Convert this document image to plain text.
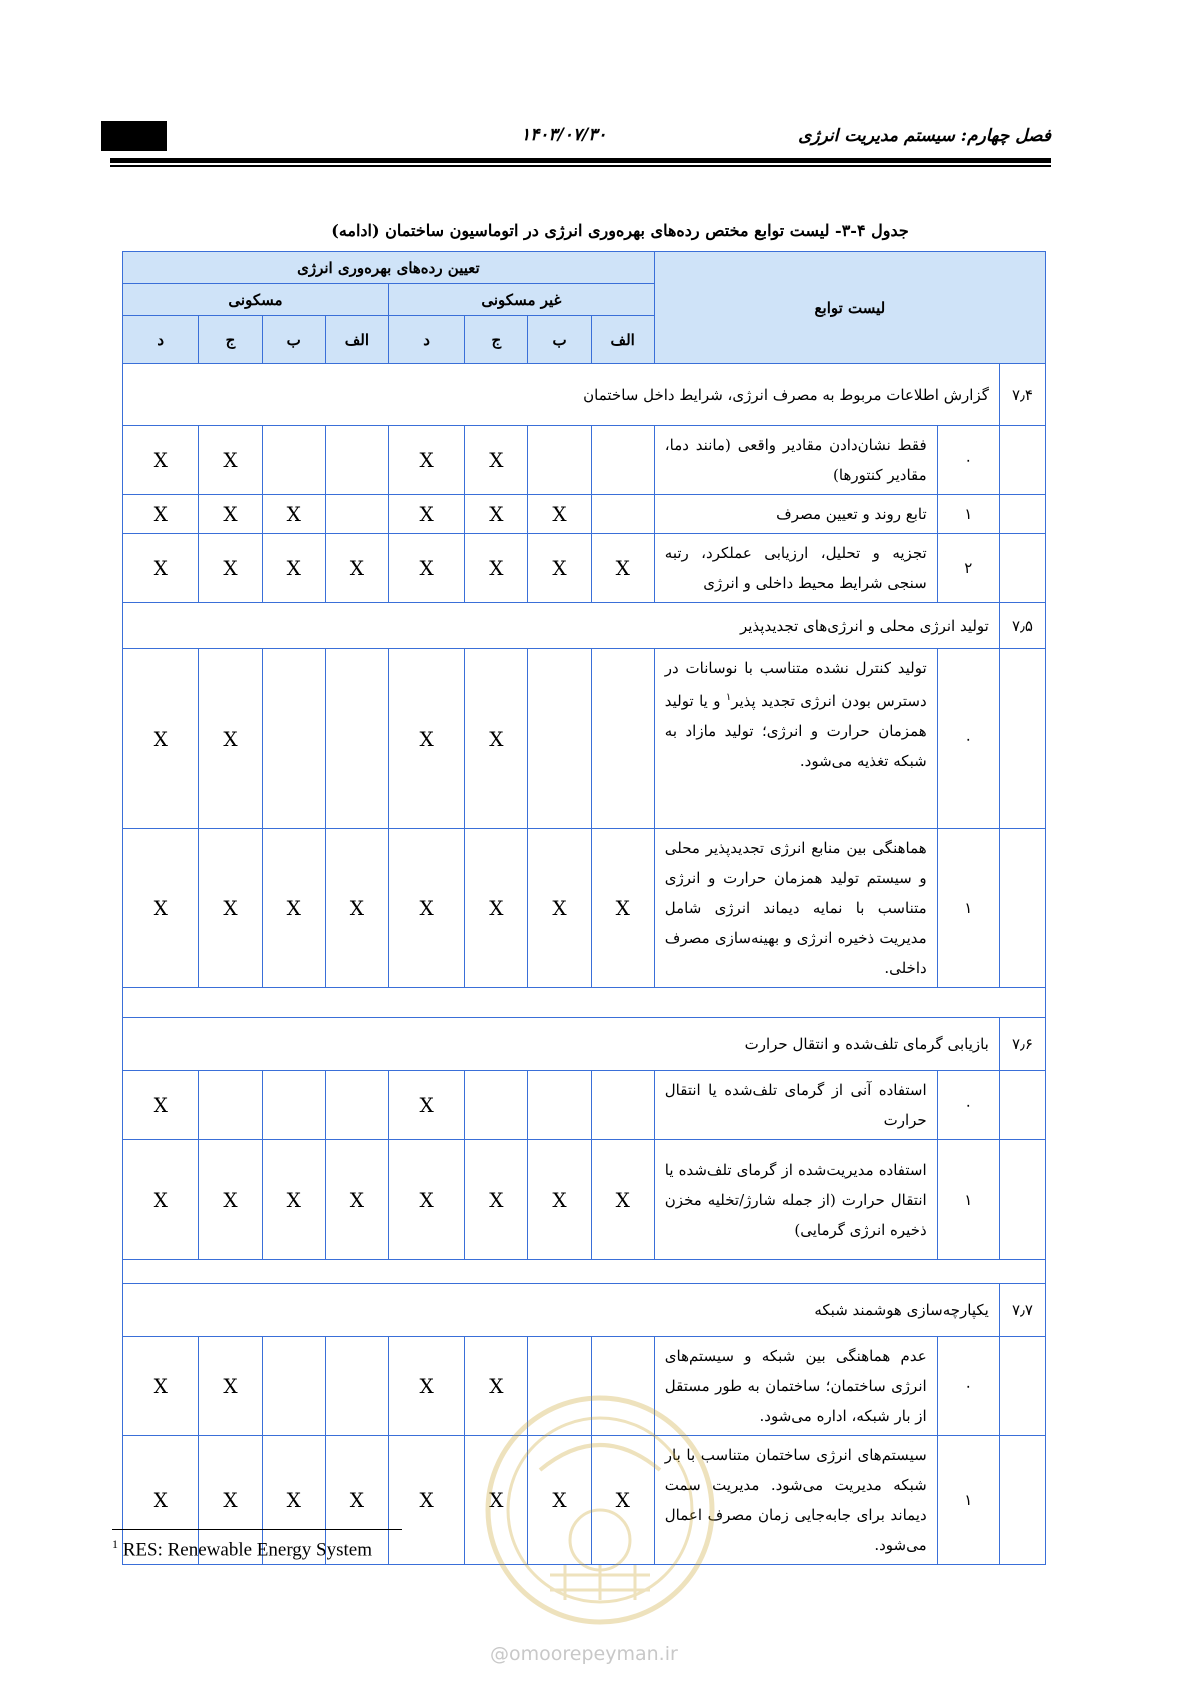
۱۴۰۳/۰۷/۳۰	فصل چهارم: سیستم مدیریت انرژی
جدول ۴-۳- لیست توابع مختص رده‌های بهره‌وری انرژی در اتوماسیون ساختمان (ادامه)
لیست توابع			تعیین رده‌های بهره‌وری انرژی							
			غیر مسکونی				مسکونی			
			الف	ب	ج	د	الف	ب	ج	د
۷٫۴	گزارش اطلاعات مربوط به مصرف انرژی، شرایط داخل ساختمان									
	۰	فقط نشان‌دادن مقادیر واقعی (مانند دما، مقادیر کنتورها)			X	X			X	X
	۱	تابع روند و تعیین مصرف		X	X	X		X	X	X
	۲	تجزیه و تحلیل، ارزیابی عملکرد، رتبه سنجی شرایط محیط داخلی و انرژی	X	X	X	X	X	X	X	X
۷٫۵	تولید انرژی محلی و انرژی‌های تجدیدپذیر									
	۰	تولید کنترل نشده متناسب با نوسانات در دسترس بودن انرژی تجدید پذیر$^۱$ و یا تولید همزمان حرارت و انرژی؛ تولید مازاد به شبکه تغذیه می‌شود.			X	X			X	X
	۱	هماهنگی بین منابع انرژی تجدیدپذیر محلی و سیستم تولید همزمان حرارت و انرژی متناسب با نمایه دیماند انرژی شامل مدیریت ذخیره انرژی و بهینه‌سازی مصرف داخلی.	X	X	X	X	X	X	X	X

۷٫۶	بازیابی گرمای تلف‌شده و انتقال حرارت									
	۰	استفاده آنی از گرمای تلف‌شده یا انتقال حرارت				X				X
	۱	استفاده مدیریت‌شده از گرمای تلف‌شده یا انتقال حرارت (از جمله شارژ/تخلیه مخزن ذخیره انرژی گرمایی)	X	X	X	X	X	X	X	X

۷٫۷	یکپارچه‌سازی هوشمند شبکه									
	۰	عدم هماهنگی بین شبکه و سیستم‌های انرژی ساختمان؛ ساختمان به طور مستقل از بار شبکه، اداره می‌شود.			X	X			X	X
	۱	سیستم‌های انرژی ساختمان متناسب با بار شبکه مدیریت می‌شود. مدیریت سمت دیماند برای جابه‌جایی زمان مصرف اعمال می‌شود.	X	X	X	X	X	X	X	X
$^1$ RES: Renewable Energy System
@omoorepeyman.ir
